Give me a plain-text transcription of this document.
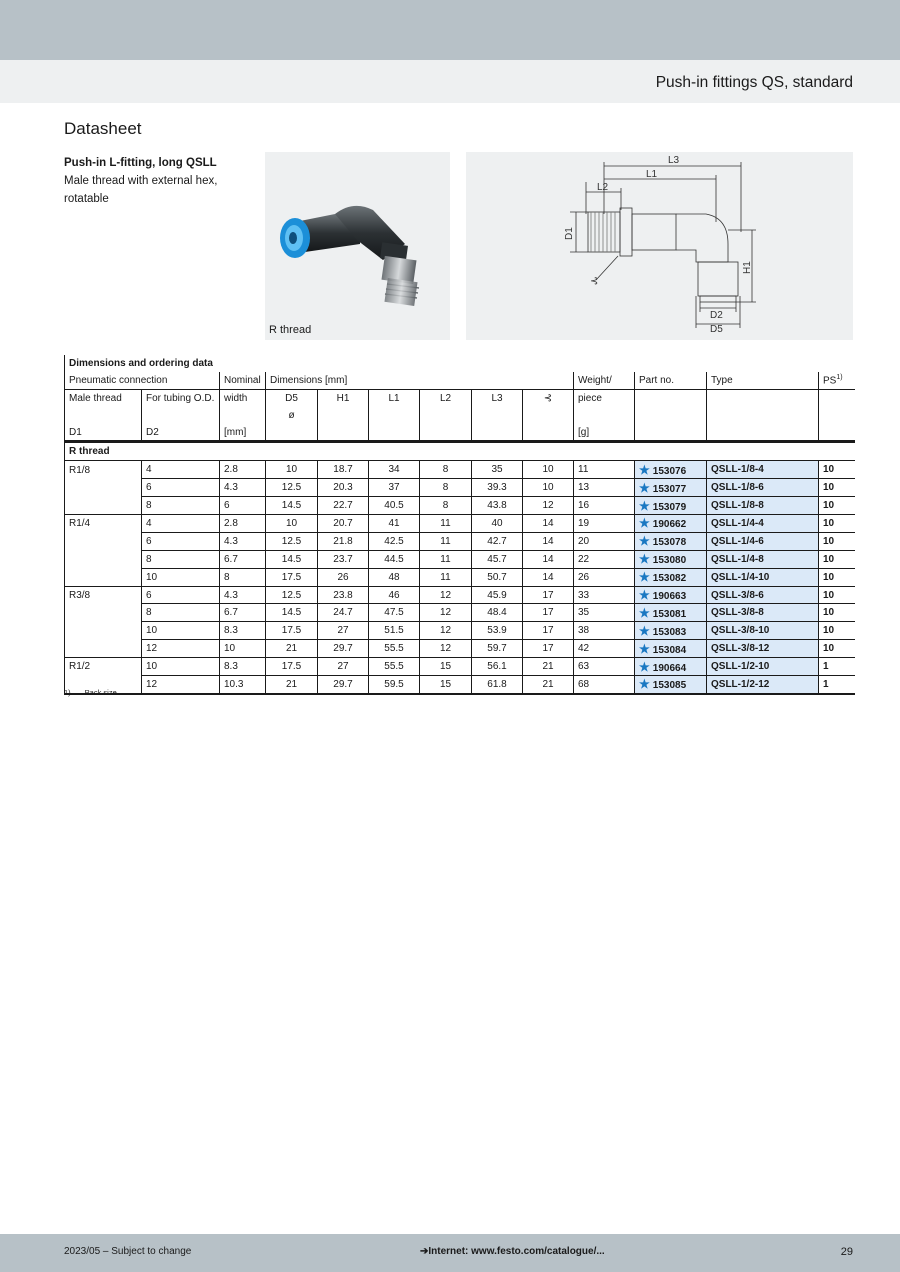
Push-in fittings QS, standard
Datasheet
Push-in L-fitting, long QSLL
Male thread with external hex, rotatable
R thread
L3
L1
L2
D1
H1
D2
D5
⊰
Dimensions and ordering data												
Pneumatic connection		Nominal	Dimensions [mm]						Weight/	Part no.	Type	PS$^{1)}$
Male thread	For tubing O.D.	width	D5	H1	L1	L2	L3	⊰	piece			
			ø									
D1	D2	[mm]							[g]			
R thread												
R1/8	4	2.8	10	18.7	34	8	35	10	11	★ 153076	QSLL-1/8-4	10
	6	4.3	12.5	20.3	37	8	39.3	10	13	★ 153077	QSLL-1/8-6	10
	8	6	14.5	22.7	40.5	8	43.8	12	16	★ 153079	QSLL-1/8-8	10
R1/4	4	2.8	10	20.7	41	11	40	14	19	★ 190662	QSLL-1/4-4	10
	6	4.3	12.5	21.8	42.5	11	42.7	14	20	★ 153078	QSLL-1/4-6	10
	8	6.7	14.5	23.7	44.5	11	45.7	14	22	★ 153080	QSLL-1/4-8	10
	10	8	17.5	26	48	11	50.7	14	26	★ 153082	QSLL-1/4-10	10
R3/8	6	4.3	12.5	23.8	46	12	45.9	17	33	★ 190663	QSLL-3/8-6	10
	8	6.7	14.5	24.7	47.5	12	48.4	17	35	★ 153081	QSLL-3/8-8	10
	10	8.3	17.5	27	51.5	12	53.9	17	38	★ 153083	QSLL-3/8-10	10
	12	10	21	29.7	55.5	12	59.7	17	42	★ 153084	QSLL-3/8-12	10
R1/2	10	8.3	17.5	27	55.5	15	56.1	21	63	★ 190664	QSLL-1/2-10	1
	12	10.3	21	29.7	59.5	15	61.8	21	68	★ 153085	QSLL-1/2-12	1
1) Pack size
2023/05 – Subject to change	➔Internet: www.festo.com/catalogue/...	29
